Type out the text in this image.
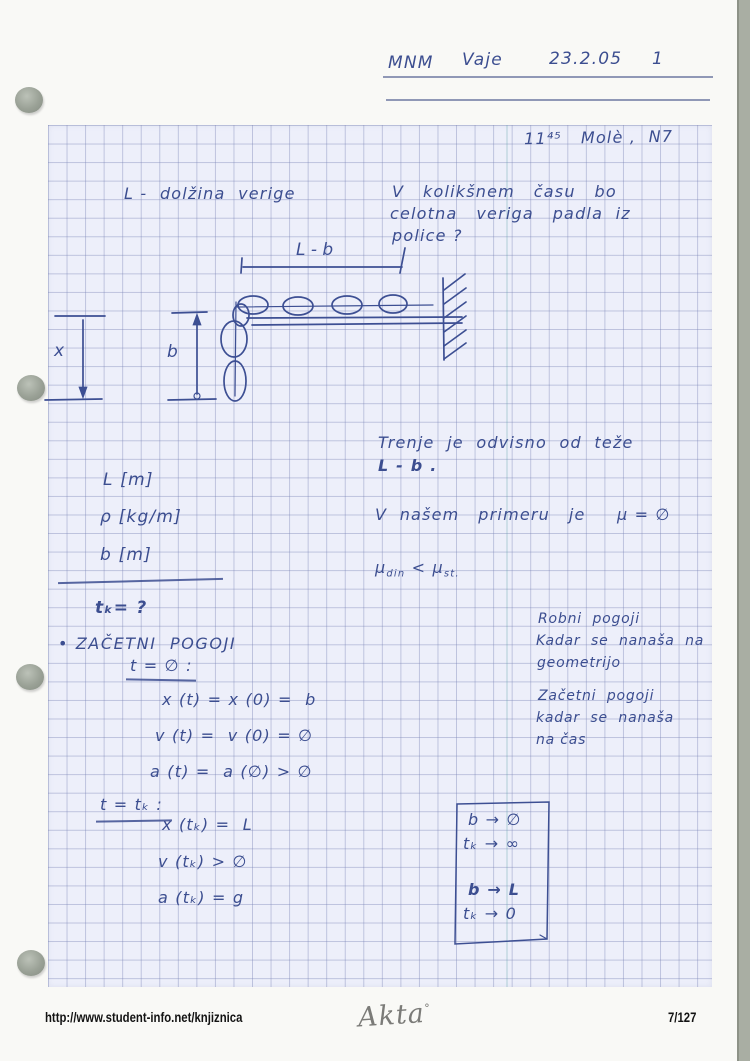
MNM Vaje	23.2.05 1
11⁴⁵   Molè ,  N7
L -  dolžina  verige	V   kolikšnem   času   bo
celotna   veriga   padla  iz
police ?
L - b
x	b
Trenje  je  odvisno  od  teže
L - b .
V  našem   primeru   je     μ = ∅
$\mu_{din} < \mu_{st.}$
L [m]
ρ [kg/m]
b [m]
tₖ= ?
• ZAČETNI  POGOJI
t = ∅ :
x (t) = x (0) =  b
v (t) =  v (0) = ∅
a (t) =  a (∅) > ∅
Robni  pogoji
Kadar  se  nanaša  na
geometrijo
Začetni  pogoji
kadar  se  nanaša
na čas
t = tₖ :
x (tₖ) =  L
v (tₖ) > ∅
a (tₖ) = g
b → ∅
tₖ → ∞
b → L
tₖ → 0
http://www.student-info.net/knjiznica	Akta°
7/127
